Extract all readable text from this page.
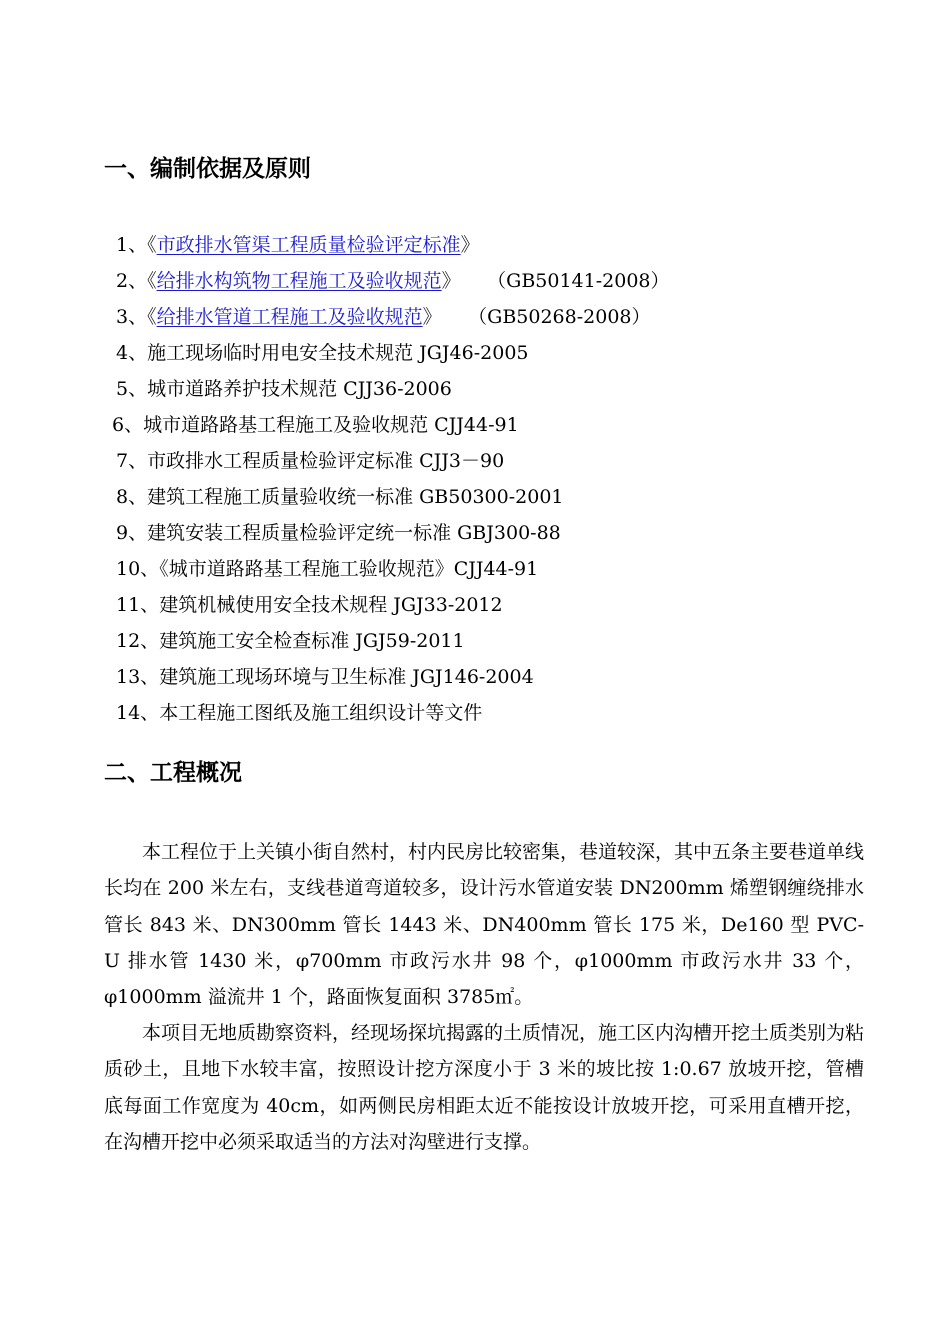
一、编制依据及原则
1、《市政排水管渠工程质量检验评定标准》
2、《给排水构筑物工程施工及验收规范》 （GB50141-2008）
3、《给排水管道工程施工及验收规范》 （GB50268-2008）
4、施工现场临时用电安全技术规范 JGJ46-2005
5、城市道路养护技术规范 CJJ36-2006
6、城市道路路基工程施工及验收规范 CJJ44-91
7、市政排水工程质量检验评定标准 CJJ3－90
8、建筑工程施工质量验收统一标准 GB50300-2001
9、建筑安装工程质量检验评定统一标准 GBJ300-88
10、《城市道路路基工程施工验收规范》CJJ44-91
11、建筑机械使用安全技术规程 JGJ33-2012
12、建筑施工安全检查标准 JGJ59-2011
13、建筑施工现场环境与卫生标准 JGJ146-2004
14、本工程施工图纸及施工组织设计等文件
二、工程概况

本工程位于上关镇小街自然村，村内民房比较密集，巷道较深，其中五条主要巷道单线长均在 200 米左右，支线巷道弯道较多，设计污水管道安装 DN200mm 烯塑钢缠绕排水管长 843 米、DN300mm 管长 1443 米、DN400mm 管长 175 米，De160 型 PVC-U 排水管 1430 米，φ700mm 市政污水井 98 个，φ1000mm 市政污水井 33 个，φ1000mm 溢流井 1 个，路面恢复面积 3785㎡。

本项目无地质勘察资料，经现场探坑揭露的土质情况，施工区内沟槽开挖土质类别为粘质砂土，且地下水较丰富，按照设计挖方深度小于 3 米的坡比按 1:0.67 放坡开挖，管槽底每面工作宽度为 40cm，如两侧民房相距太近不能按设计放坡开挖，可采用直槽开挖，在沟槽开挖中必须采取适当的方法对沟壁进行支撑。
